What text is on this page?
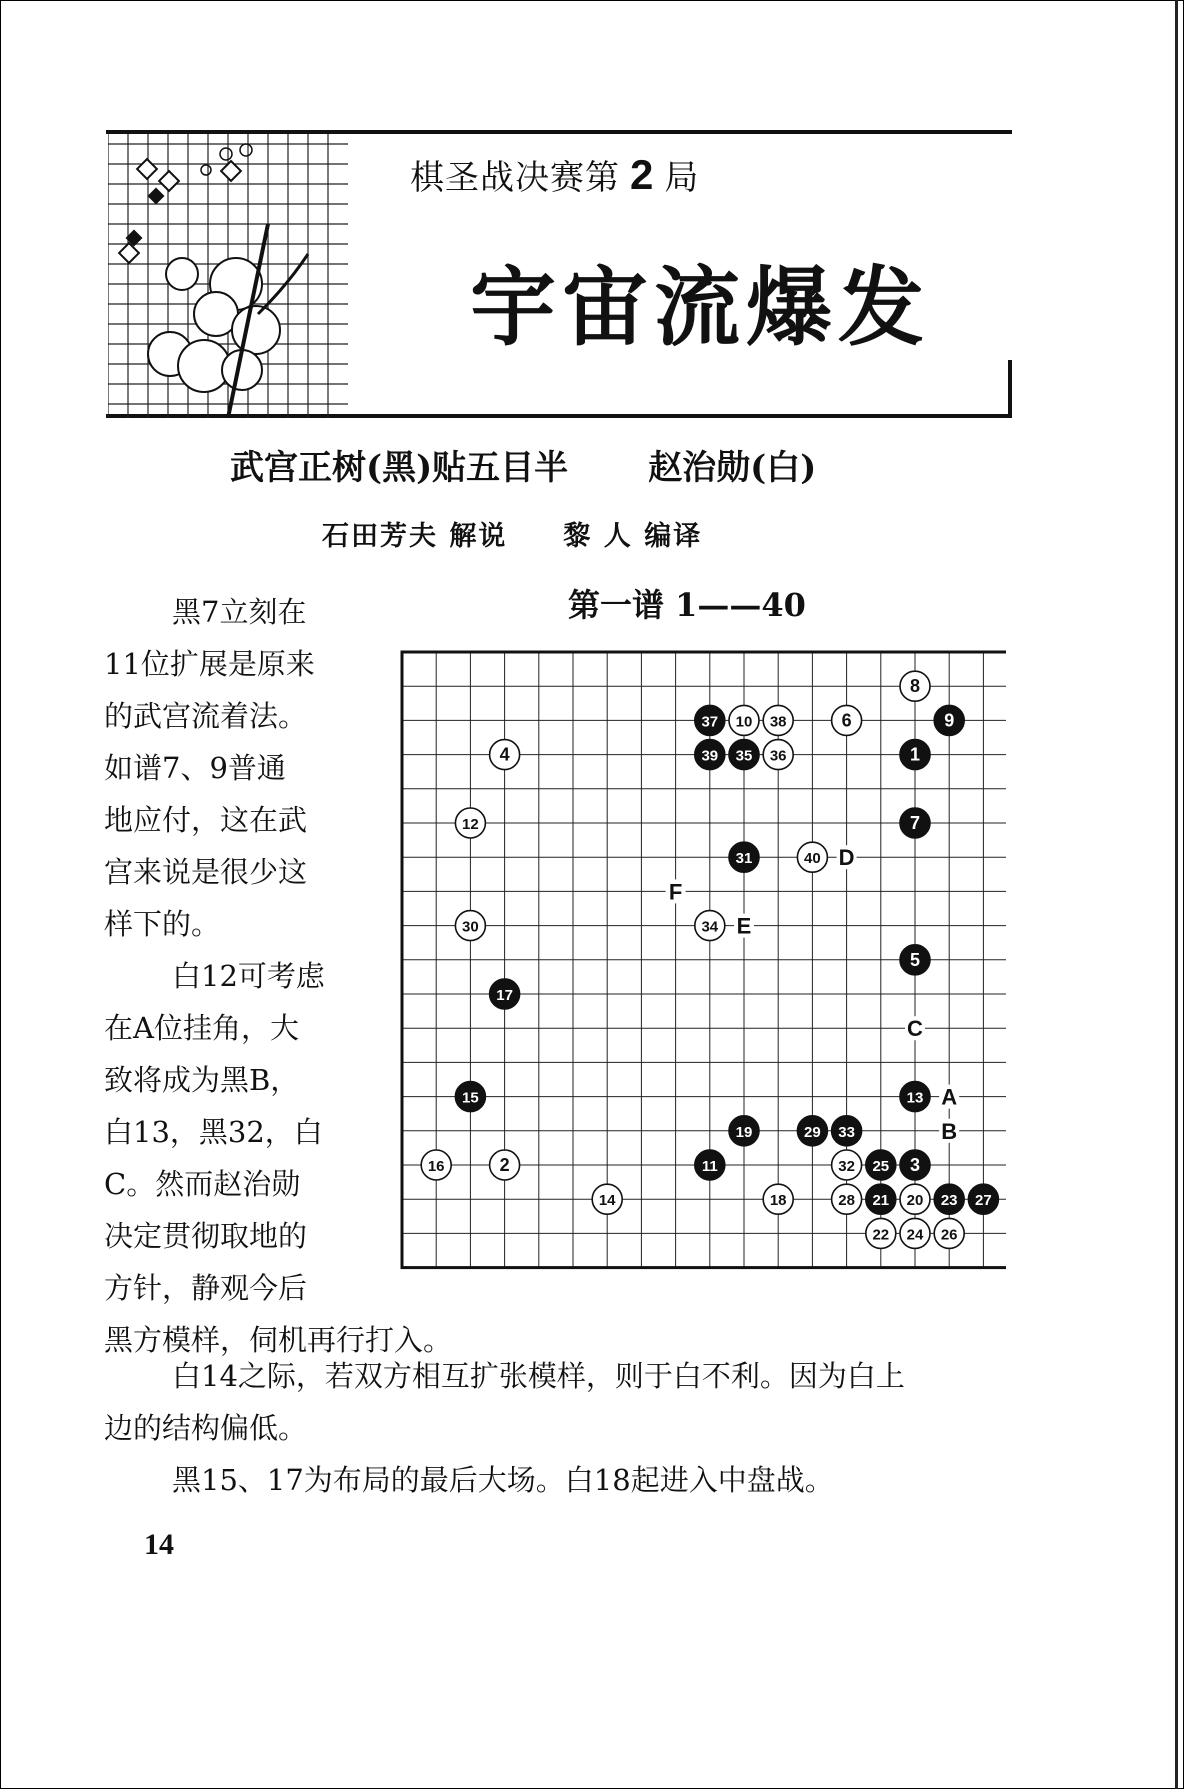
棋圣战决赛第 2 局
宇宙流爆发
武宫正树(黑)贴五目半 赵治勋(白)
石田芳夫 解说 黎 人 编译
第一谱 1——40

黑7立刻在

11位扩展是原来

的武宫流着法。

如谱7、9普通

地应付，这在武

宫来说是很少这

样下的。

白12可考虑

在A位挂角，大

致将成为黑B，

白13，黑32，白

C。然而赵治勋

决定贯彻取地的

方针，静观今后

黑方模样，伺机再行打入。
白14之际，若双方相互扩张模样，则于白不利。因为白上
边的结构偏低。
黑15、17为布局的最后大场。白18起进入中盘战。
14
1
2	3
4
5
6
7
8
9
10
11
12
13
14
15
16
17
18
19
20
21
22
23
24
25
26
27
28
29
30
31
32
33
34
35 36
37	38
39
40
A
B
C
D
E
F
